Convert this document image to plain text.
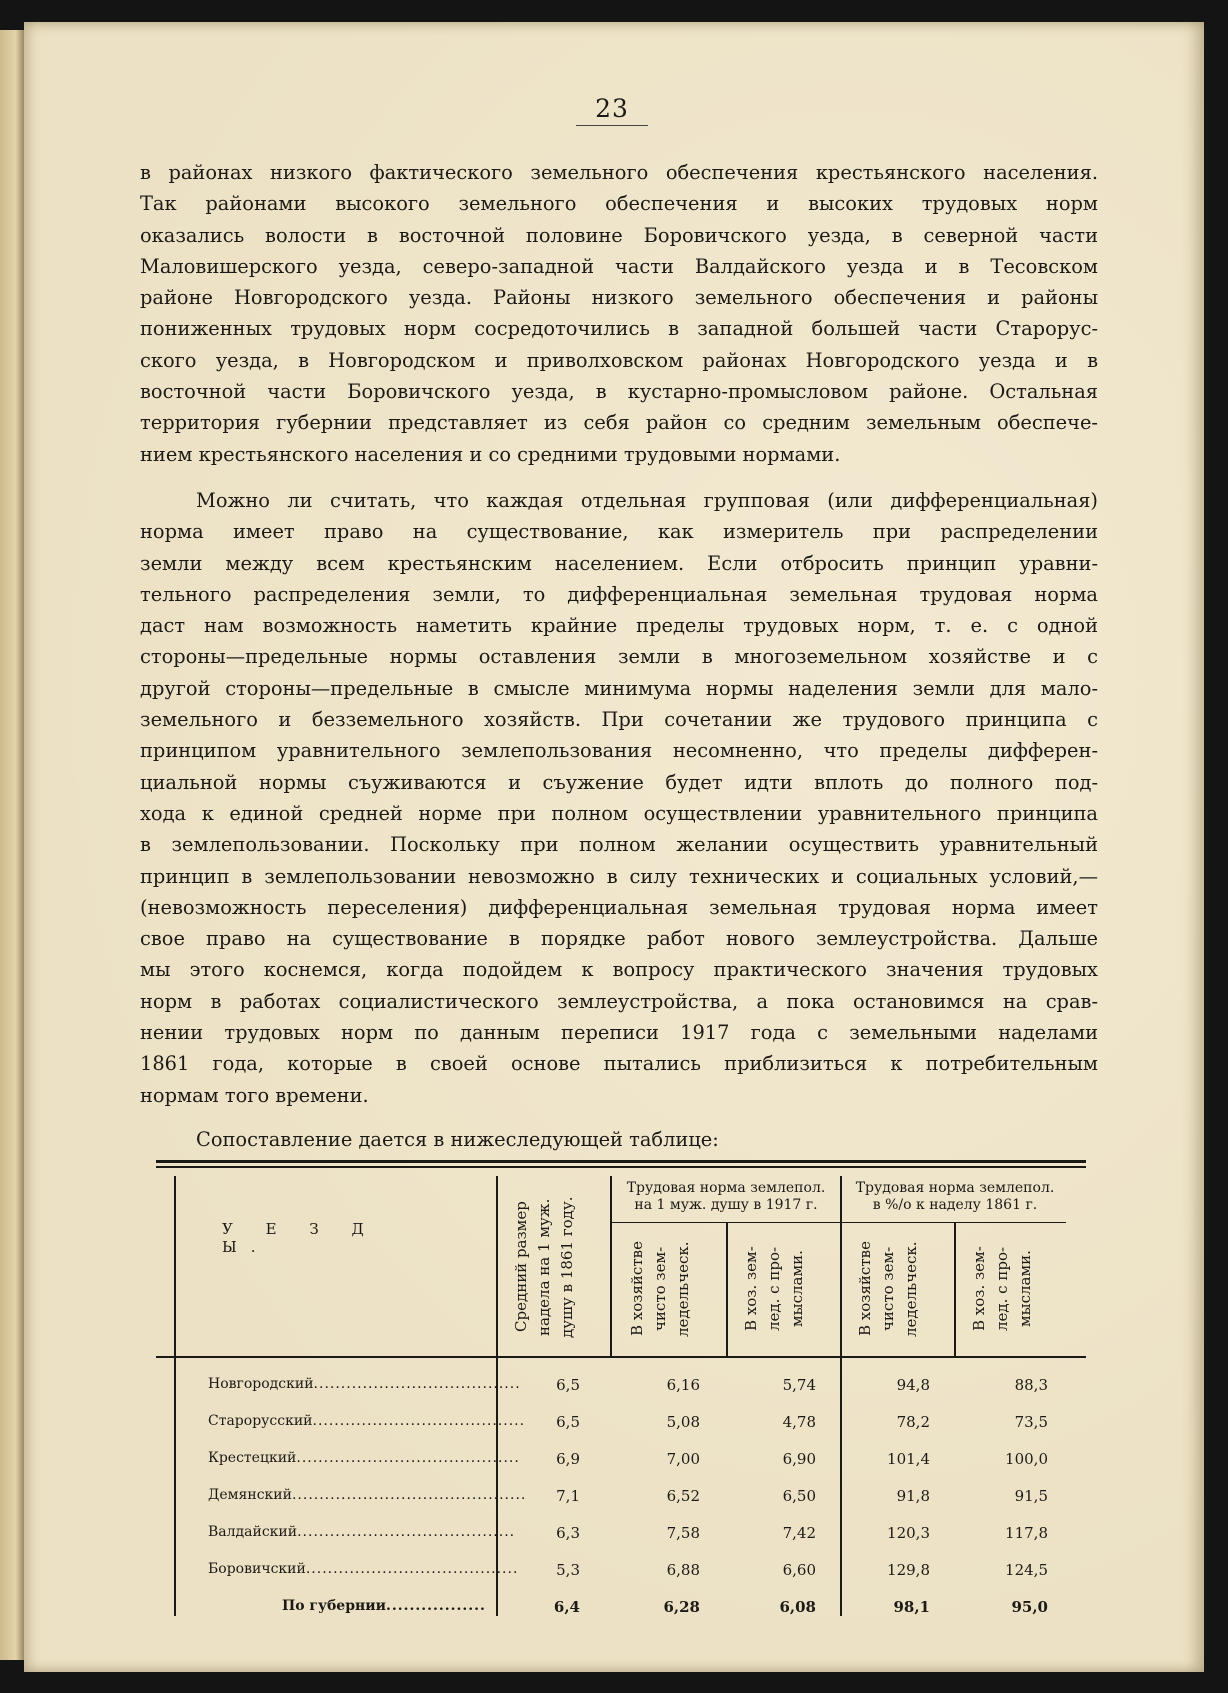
23
в районах низкого фактического земельного обеспечения крестьянского населения.
Так районами высокого земельного обеспечения и высоких трудовых норм
оказались волости в восточной половине Боровичского уезда, в северной части
Маловишерского уезда, северо-западной части Валдайского уезда и в Тесовском
районе Новгородского уезда. Районы низкого земельного обеспечения и районы
пониженных трудовых норм сосредоточились в западной большей части Старорус-
ского уезда, в Новгородском и приволховском районах Новгородского уезда и в
восточной части Боровичского уезда, в кустарно-промысловом районе. Остальная
территория губернии представляет из себя район со средним земельным обеспече-
нием крестьянского населения и со средними трудовыми нормами.
Можно ли считать, что каждая отдельная групповая (или дифференциальная)
норма имеет право на существование, как измеритель при распределении
земли между всем крестьянским населением. Если отбросить принцип уравни-
тельного распределения земли, то дифференциальная земельная трудовая норма
даст нам возможность наметить крайние пределы трудовых норм, т. е. с одной
стороны—предельные нормы оставления земли в многоземельном хозяйстве и с
другой стороны—предельные в смысле минимума нормы наделения земли для мало-
земельного и безземельного хозяйств. При сочетании же трудового принципа с
принципом уравнительного землепользования несомненно, что пределы дифферен-
циальной нормы съуживаются и съужение будет идти вплоть до полного под-
хода к единой средней норме при полном осуществлении уравнительного принципа
в землепользовании. Поскольку при полном желании осуществить уравнительный
принцип в землепользовании невозможно в силу технических и социальных условий,—
(невозможность переселения) дифференциальная земельная трудовая норма имеет
свое право на существование в порядке работ нового землеустройства. Дальше
мы этого коснемся, когда подойдем к вопросу практического значения трудовых
норм в работах социалистического землеустройства, а пока остановимся на срав-
нении трудовых норм по данным переписи 1917 года с земельными наделами
1861 года, которые в своей основе пытались приблизиться к потребительным
нормам того времени.
Сопоставление дается в нижеследующей таблице:
У Е З Д Ы.	Средний размер надела на 1 муж. душу в 1861 году.
Трудовая норма землепол.
на 1 муж. душу в 1917 г.
Трудовая норма землепол.
в %/о к наделу 1861 г.
В хозяйстве чисто зем- ледельческ.	В хоз. зем- лед. с про- мыслами.	В хозяйстве чисто зем- ледельческ.	В хоз. зем- лед. с про- мыслами.
Новгородский......................................	6,5	6,16	5,74	94,8	88,3
Старорусский.......................................	6,5	5,08	4,78	78,2	73,5
Крестецкий.........................................	6,9	7,00	6,90	101,4	100,0
Демянский...........................................	7,1	6,52	6,50	91,8	91,5
Валдайский........................................	6,3	7,58	7,42	120,3	117,8
Боровичский.......................................	5,3	6,88	6,60	129,8	124,5
По губернии.................	6,4	6,28	6,08	98,1	95,0
